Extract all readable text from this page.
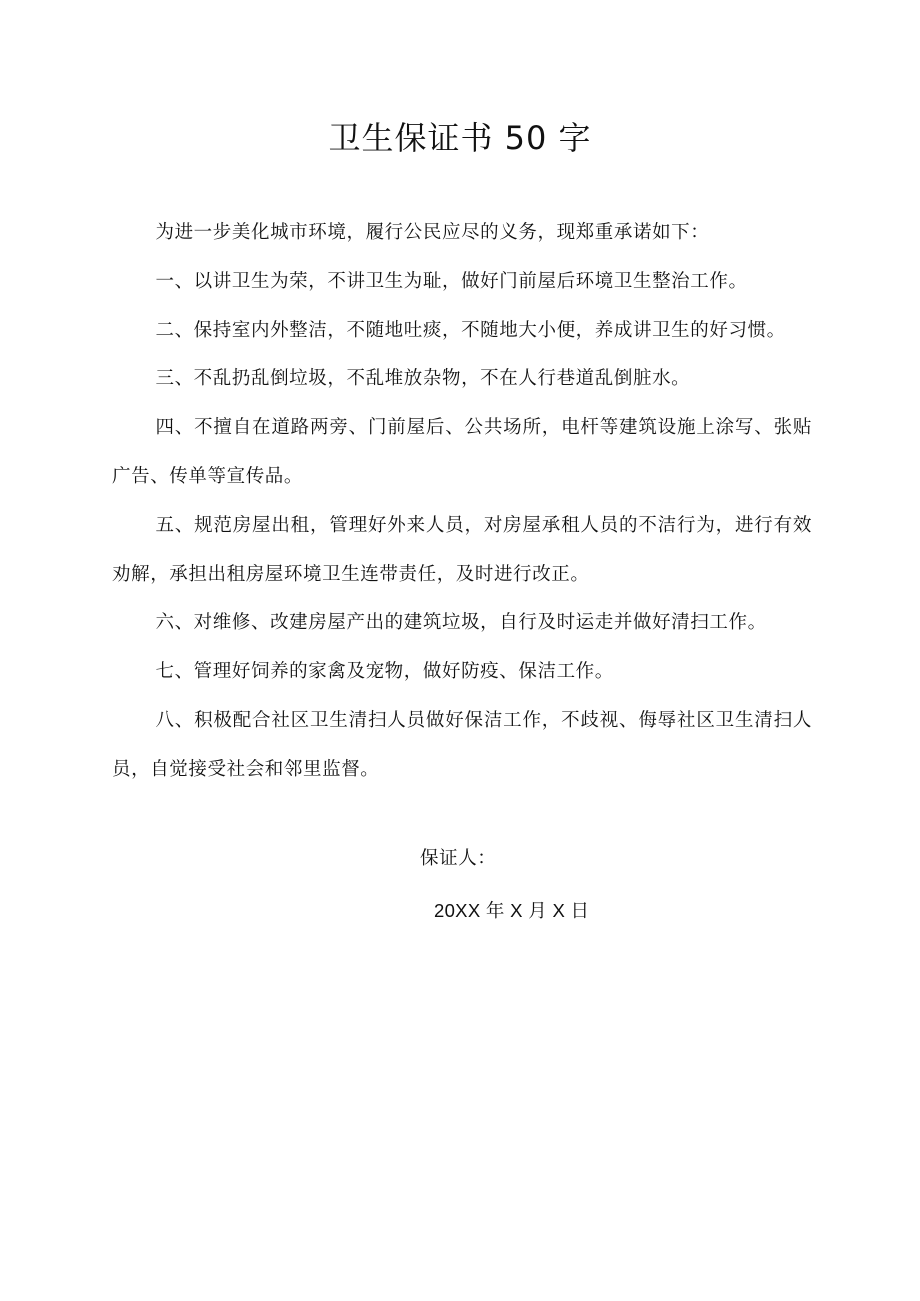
卫生保证书 50 字

为进一步美化城市环境，履行公民应尽的义务，现郑重承诺如下：

一、以讲卫生为荣，不讲卫生为耻，做好门前屋后环境卫生整治工作。

二、保持室内外整洁，不随地吐痰，不随地大小便，养成讲卫生的好习惯。

三、不乱扔乱倒垃圾，不乱堆放杂物，不在人行巷道乱倒脏水。

四、不擅自在道路两旁、门前屋后、公共场所，电杆等建筑设施上涂写、张贴广告、传单等宣传品。

五、规范房屋出租，管理好外来人员，对房屋承租人员的不洁行为，进行有效劝解，承担出租房屋环境卫生连带责任，及时进行改正。

六、对维修、改建房屋产出的建筑垃圾，自行及时运走并做好清扫工作。

七、管理好饲养的家禽及宠物，做好防疫、保洁工作。

八、积极配合社区卫生清扫人员做好保洁工作，不歧视、侮辱社区卫生清扫人员，自觉接受社会和邻里监督。

保证人：
20XX 年 X 月 X 日
